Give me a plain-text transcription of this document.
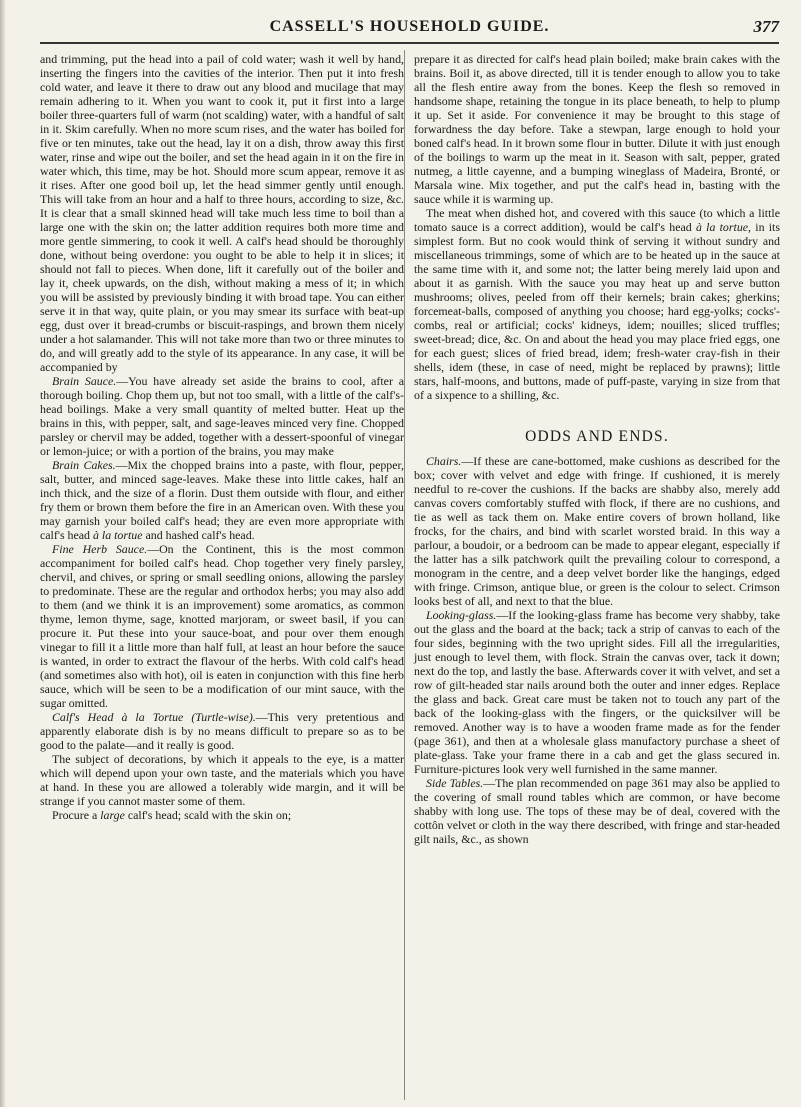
CASSELL'S HOUSEHOLD GUIDE.	377

and trimming, put the head into a pail of cold water; wash it well by hand, inserting the fingers into the cavities of the interior. Then put it into fresh cold water, and leave it there to draw out any blood and mucilage that may remain adhering to it. When you want to cook it, put it first into a large boiler three-quarters full of warm (not scalding) water, with a handful of salt in it. Skim carefully. When no more scum rises, and the water has boiled for five or ten minutes, take out the head, lay it on a dish, throw away this first water, rinse and wipe out the boiler, and set the head again in it on the fire in water which, this time, may be hot. Should more scum appear, remove it as it rises. After one good boil up, let the head simmer gently until enough. This will take from an hour and a half to three hours, according to size, &c. It is clear that a small skinned head will take much less time to boil than a large one with the skin on; the latter addition requires both more time and more gentle simmering, to cook it well. A calf's head should be thoroughly done, without being overdone: you ought to be able to help it in slices; it should not fall to pieces. When done, lift it carefully out of the boiler and lay it, cheek upwards, on the dish, without making a mess of it; in which you will be assisted by previously binding it with broad tape. You can either serve it in that way, quite plain, or you may smear its surface with beat-up egg, dust over it bread-crumbs or biscuit-raspings, and brown them nicely under a hot salamander. This will not take more than two or three minutes to do, and will greatly add to the style of its appearance. In any case, it will be accompanied by

Brain Sauce.—You have already set aside the brains to cool, after a thorough boiling. Chop them up, but not too small, with a little of the calf's-head boilings. Make a very small quantity of melted butter. Heat up the brains in this, with pepper, salt, and sage-leaves minced very fine. Chopped parsley or chervil may be added, together with a dessert-spoonful of vinegar or lemon-juice; or with a portion of the brains, you may make

Brain Cakes.—Mix the chopped brains into a paste, with flour, pepper, salt, butter, and minced sage-leaves. Make these into little cakes, half an inch thick, and the size of a florin. Dust them outside with flour, and either fry them or brown them before the fire in an American oven. With these you may garnish your boiled calf's head; they are even more appropriate with calf's head à la tortue and hashed calf's head.

Fine Herb Sauce.—On the Continent, this is the most common accompaniment for boiled calf's head. Chop together very finely parsley, chervil, and chives, or spring or small seedling onions, allowing the parsley to predominate. These are the regular and orthodox herbs; you may also add to them (and we think it is an improvement) some aromatics, as common thyme, lemon thyme, sage, knotted marjoram, or sweet basil, if you can procure it. Put these into your sauce-boat, and pour over them enough vinegar to fill it a little more than half full, at least an hour before the sauce is wanted, in order to extract the flavour of the herbs. With cold calf's head (and sometimes also with hot), oil is eaten in conjunction with this fine herb sauce, which will be seen to be a modification of our mint sauce, with the sugar omitted.

Calf's Head à la Tortue (Turtle-wise).—This very pretentious and apparently elaborate dish is by no means difficult to prepare so as to be good to the palate—and it really is good.

The subject of decorations, by which it appeals to the eye, is a matter which will depend upon your own taste, and the materials which you have at hand. In these you are allowed a tolerably wide margin, and it will be strange if you cannot master some of them.

Procure a large calf's head; scald with the skin on;

prepare it as directed for calf's head plain boiled; make brain cakes with the brains. Boil it, as above directed, till it is tender enough to allow you to take all the flesh entire away from the bones. Keep the flesh so removed in handsome shape, retaining the tongue in its place beneath, to help to plump it up. Set it aside. For convenience it may be brought to this stage of forwardness the day before. Take a stewpan, large enough to hold your boned calf's head. In it brown some flour in butter. Dilute it with just enough of the boilings to warm up the meat in it. Season with salt, pepper, grated nutmeg, a little cayenne, and a bumping wineglass of Madeira, Bronté, or Marsala wine. Mix together, and put the calf's head in, basting with the sauce while it is warming up.

The meat when dished hot, and covered with this sauce (to which a little tomato sauce is a correct addition), would be calf's head à la tortue, in its simplest form. But no cook would think of serving it without sundry and miscellaneous trimmings, some of which are to be heated up in the sauce at the same time with it, and some not; the latter being merely laid upon and about it as garnish. With the sauce you may heat up and serve button mushrooms; olives, peeled from off their kernels; brain cakes; gherkins; forcemeat-balls, composed of anything you choose; hard egg-yolks; cocks'-combs, real or artificial; cocks' kidneys, idem; nouilles; sliced truffles; sweet-bread; dice, &c. On and about the head you may place fried eggs, one for each guest; slices of fried bread, idem; fresh-water cray-fish in their shells, idem (these, in case of need, might be replaced by prawns); little stars, half-moons, and buttons, made of puff-paste, varying in size from that of a sixpence to a shilling, &c.

ODDS AND ENDS.

Chairs.—If these are cane-bottomed, make cushions as described for the box; cover with velvet and edge with fringe. If cushioned, it is merely needful to re-cover the cushions. If the backs are shabby also, merely add canvas covers comfortably stuffed with flock, if there are no cushions, and tie as well as tack them on. Make entire covers of brown holland, like frocks, for the chairs, and bind with scarlet worsted braid. In this way a parlour, a boudoir, or a bedroom can be made to appear elegant, especially if the latter has a silk patchwork quilt the prevailing colour to correspond, a monogram in the centre, and a deep velvet border like the hangings, edged with fringe. Crimson, antique blue, or green is the colour to select. Crimson looks best of all, and next to that the blue.

Looking-glass.—If the looking-glass frame has become very shabby, take out the glass and the board at the back; tack a strip of canvas to each of the four sides, beginning with the two upright sides. Fill all the irregularities, just enough to level them, with flock. Strain the canvas over, tack it down; next do the top, and lastly the base. Afterwards cover it with velvet, and set a row of gilt-headed star nails around both the outer and inner edges. Replace the glass and back. Great care must be taken not to touch any part of the back of the looking-glass with the fingers, or the quicksilver will be removed. Another way is to have a wooden frame made as for the fender (page 361), and then at a wholesale glass manufactory purchase a sheet of plate-glass. Take your frame there in a cab and get the glass secured in. Furniture-pictures look very well furnished in the same manner.

Side Tables.—The plan recommended on page 361 may also be applied to the covering of small round tables which are common, or have become shabby with long use. The tops of these may be of deal, covered with the cottôn velvet or cloth in the way there described, with fringe and star-headed gilt nails, &c., as shown
